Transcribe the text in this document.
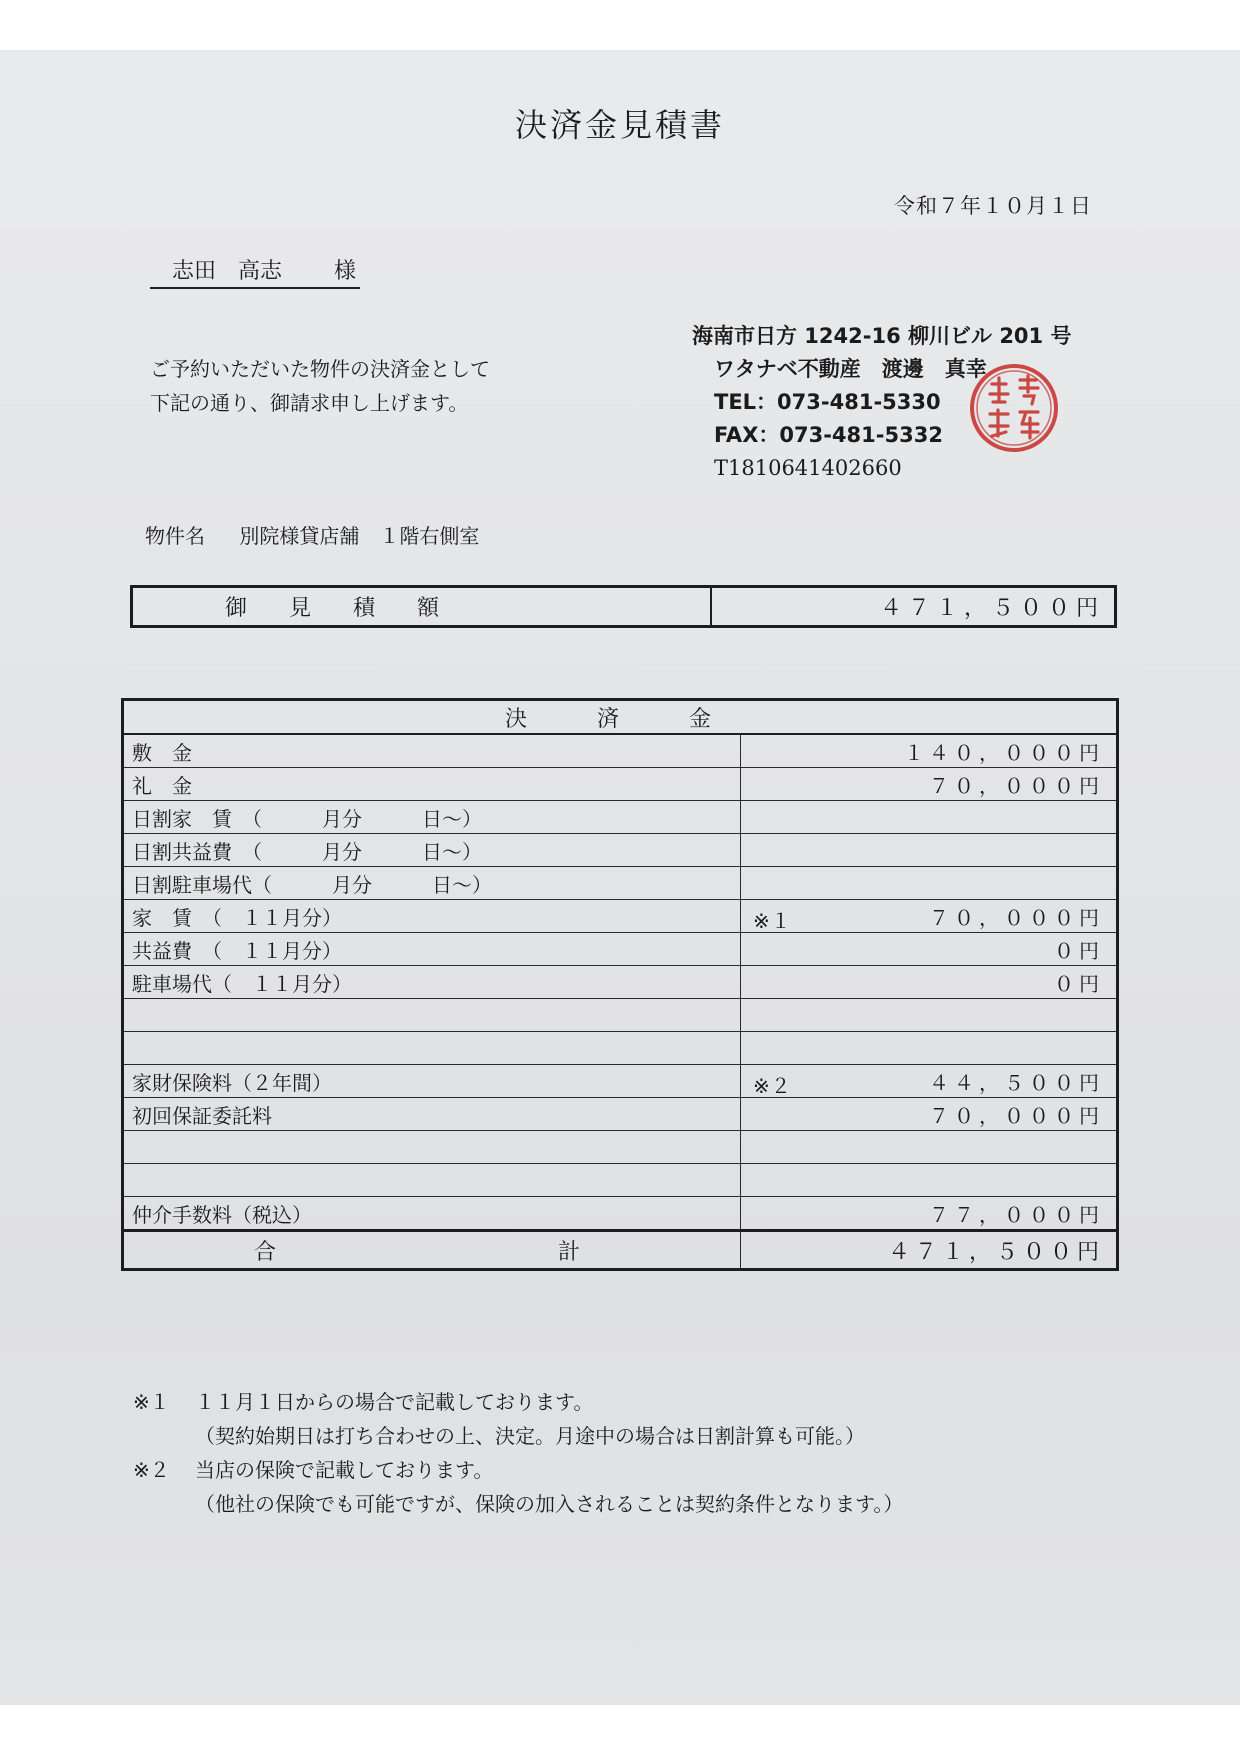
決済金見積書
令和７年１０月１日
志田　高志 様
ご予約いただいた物件の決済金として
下記の通り、御請求申し上げます。
海南市日方 1242-16 柳川ビル 201 号
ワタナベ不動産　渡邊　真幸
TEL：073-481-5330
FAX：073-481-5332
T1810641402660
物件名 別院様貸店舗　１階右側室
御　見　積　額	４７１，５００円
決　済　金	
敷　金	１４０，０００円
礼　金	７０，０００円
日割家　賃　（　　　月分　　　日～）	

日割共益費　（　　　月分　　　日～）	

日割駐車場代（　　　月分　　　日～）	

家　賃　（　１１月分）	※１ ７０，０００円
共益費　（　１１月分）	０円
駐車場代（　１１月分）	０円

家財保険料（２年間）	※２ ４４，５００円
初回保証委託料	７０，０００円

仲介手数料（税込）	７７，０００円
合 計	４７１，５００円
※１ １１月１日からの場合で記載しております。
（契約始期日は打ち合わせの上、決定。月途中の場合は日割計算も可能。）
※２ 当店の保険で記載しております。
（他社の保険でも可能ですが、保険の加入されることは契約条件となります。）
